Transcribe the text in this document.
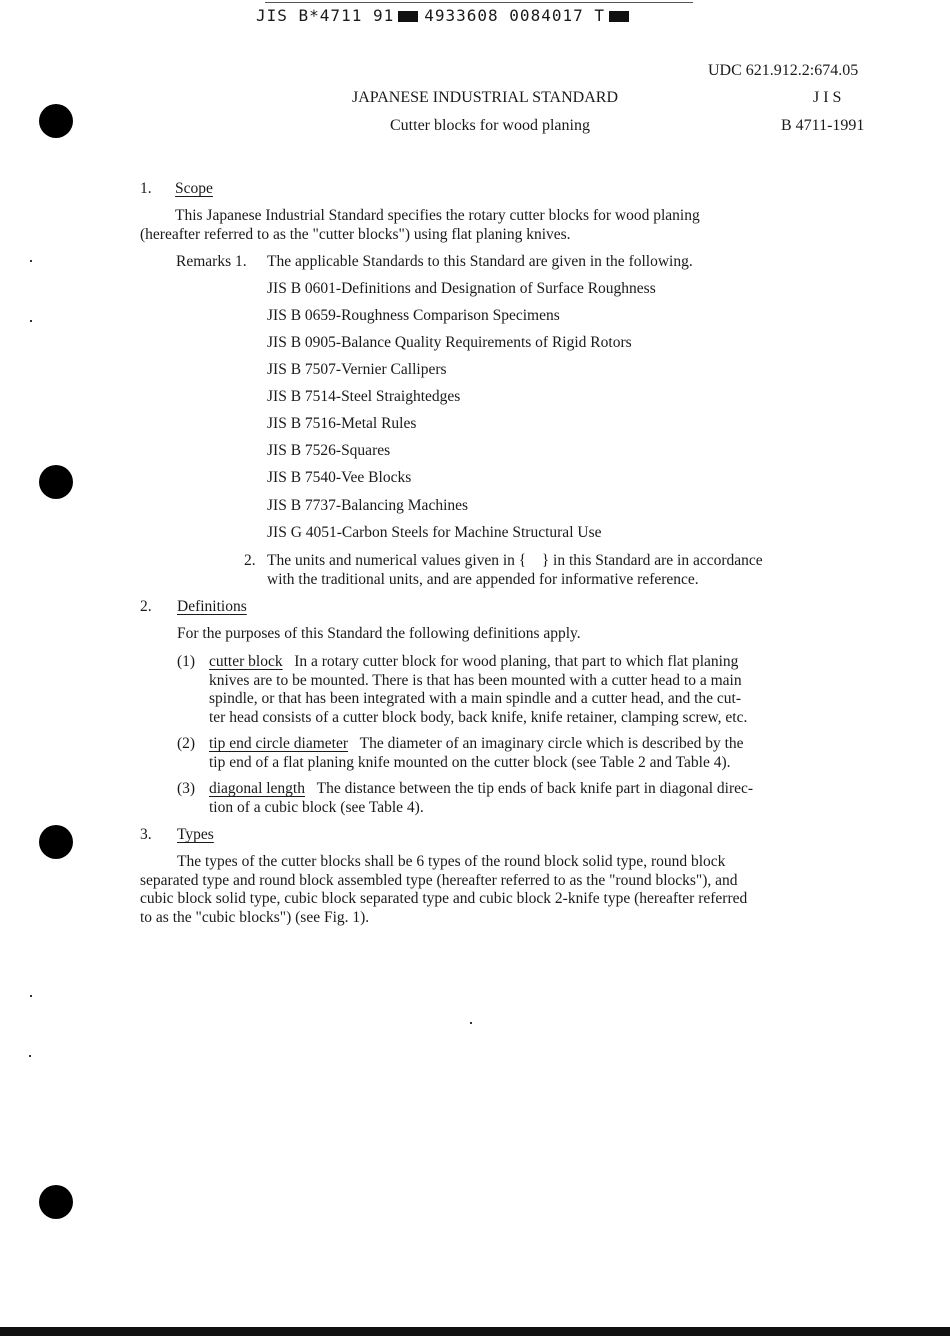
JIS B*4711 91 4933608 0084017 T
UDC 621.912.2:674.05
JAPANESE INDUSTRIAL STANDARD	J I S
Cutter blocks for wood planing	B 4711-1991
1. Scope
This Japanese Industrial Standard specifies the rotary cutter blocks for wood planing
(hereafter referred to as the "cutter blocks") using flat planing knives.
Remarks 1. The applicable Standards to this Standard are given in the following.
JIS B 0601-Definitions and Designation of Surface Roughness
JIS B 0659-Roughness Comparison Specimens
JIS B 0905-Balance Quality Requirements of Rigid Rotors
JIS B 7507-Vernier Callipers
JIS B 7514-Steel Straightedges
JIS B 7516-Metal Rules
JIS B 7526-Squares
JIS B 7540-Vee Blocks
JIS B 7737-Balancing Machines
JIS G 4051-Carbon Steels for Machine Structural Use
2. The units and numerical values given in {    } in this Standard are in accordance
with the traditional units, and are appended for informative reference.
2. Definitions
For the purposes of this Standard the following definitions apply.
(1) cutter block In a rotary cutter block for wood planing, that part to which flat planing
knives are to be mounted. There is that has been mounted with a cutter head to a main
spindle, or that has been integrated with a main spindle and a cutter head, and the cut-
ter head consists of a cutter block body, back knife, knife retainer, clamping screw, etc.
(2) tip end circle diameter The diameter of an imaginary circle which is described by the
tip end of a flat planing knife mounted on the cutter block (see Table 2 and Table 4).
(3) diagonal length The distance between the tip ends of back knife part in diagonal direc-
tion of a cubic block (see Table 4).
3. Types
The types of the cutter blocks shall be 6 types of the round block solid type, round block
separated type and round block assembled type (hereafter referred to as the "round blocks"), and
cubic block solid type, cubic block separated type and cubic block 2-knife type (hereafter referred
to as the "cubic blocks") (see Fig. 1).
